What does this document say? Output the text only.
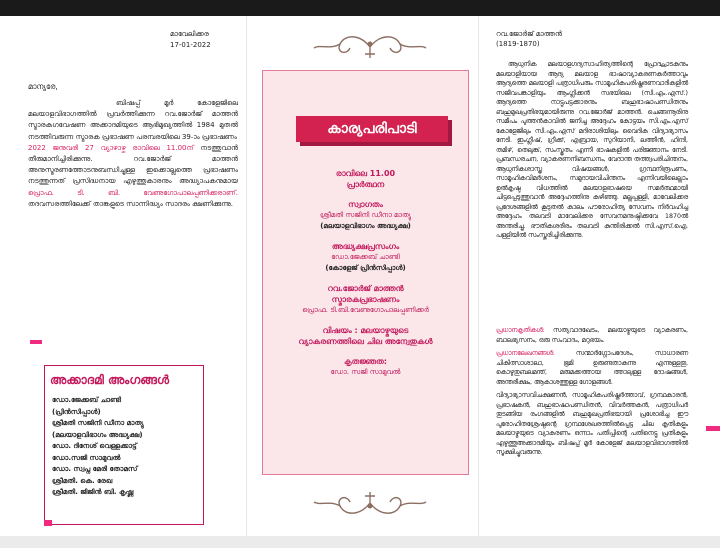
മാവേലിക്കര
17-01-2022
മാന്യരേ,
ബിഷപ്പ് മൂർ കോളേജിലെ മലയാളവിഭാഗത്തിൽ പ്രവർത്തിക്കുന്ന റവ.ജോർജ് മാത്തൻ സ്മാരകഗവേഷണ അക്കാദമിയുടെ ആഭിമുഖ്യത്തിൽ 1984 മുതൽ നടത്തിവരുന്ന സ്മാരക പ്രഭാഷണ പരമ്പരയിലെ 39-ാം പ്രഭാഷണം
2022 ജനുവരി 27 വ്യാഴാഴ്ച രാവിലെ 11.00ന് നടത്തുവാൻ തീരുമാനിച്ചിരിക്കുന്നു. റവ.ജോർജ് മാത്തൻ അനുസ്മരണത്തോടനുബന്ധിച്ചുള്ള ഇക്കൊല്ലത്തെ പ്രഭാഷണം നടത്തുന്നത് പ്രസിദ്ധനായ എഴുത്തുകാരനും അദ്ധ്യാപകനുമായ പ്രൊഫ. ടി. ബി. വേണുഗോപാലപ്പണിക്കരാണ്. തദവസരത്തിലേക്ക് താങ്കളുടെ സാന്നിദ്ധ്യം സാദരം ക്ഷണിക്കുന്നു.
അക്കാദമി അംഗങ്ങൾ
ഡോ.ജേക്കബ് ചാണ്ടി
(പ്രിൻസിപ്പാൾ)
ശ്രീമതി സജിനി ഡീനാ മാത്യു
(മലയാളവിഭാഗം അദ്ധ്യക്ഷ)
ഡോ. ദിനേശ് വെള്ളക്കാട്ട്
ഡോ.സജി സാമുവൽ
ഡോ. സ്വപ്ന മേരി തോമസ്
ശ്രീമതി. കെ. രേഖ
ശ്രീമതി. ജിജിൻ ബി. കൃഷ്ണ
കാര്യപരിപാടി
രാവിലെ 11.00
പ്രാർത്ഥന
സ്വാഗതം
ശ്രീമതി സജിനി ഡീനാ മാത്യു
(മലയാളവിഭാഗം അദ്ധ്യക്ഷ)
അദ്ധ്യക്ഷപ്രസംഗം
ഡോ.ജേക്കബ് ചാണ്ടി
(കോളേജ് പ്രിൻസിപ്പാൾ)
റവ.ജോർജ് മാത്തൻ
സ്മാരകപ്രഭാഷണം
പ്രൊഫ. ടി.ബി.വേണുഗോപാലപ്പണിക്കർ
വിഷയം : മലയാഴ്മയുടെ
വ്യാകരണത്തിലെ ചില അന്വേതുകൾ
കൃതജ്ഞത:
ഡോ. സജി സാമുവൽ
റവ.ജോർജ് മാത്തൻ
(1819-1870)

ആധുനിക മലയാളഗദ്യസാഹിത്യത്തിന്റെ പ്രോദ്ഘാടകനും മലയാളിയായ ആദ്യ മലയാള ഭാഷാവ്യാകരണകർത്താവും ആദ്യത്തെ മലയാളി പത്രാധിപരും സാമൂഹികപരിഷ്കരണവാദികളിൽ സജീവപങ്കാളിയും ആംഗ്ലിക്കൻ സഭയിലെ (സി.എം.എസ്.) ആദ്യത്തെ നാട്ടുപട്ടക്കാരനും ബഹുഭാഷാപണ്ഡിതനും ബഹുമുഖപ്രതിഭയുമായിരുന്നു റവ.ജോർജ് മാത്തൻ. ചെങ്ങന്നൂരിനു സമീപം പുത്തൻകാവിൽ ജനിച്ച അദ്ദേഹം കോട്ടയം സി.എം.എസ് കോളേജിലും സി.എം.എസ് മദിരാശിയിലും വൈദിക വിദ്യാഭ്യാസം നേടി. ഇംഗ്ലീഷ്, ഗ്രീക്ക്, എബ്രായ, സുറിയാനി, ലത്തീൻ, ഹിന്ദി, തമിഴ്, തെലുങ്ക്, സംസ്കൃതം എന്നീ ഭാഷകളിൽ പരിജ്ഞാനം നേടി. പ്രബന്ധരചന, വ്യാകരണനിബന്ധനം, വേദാന്ത തത്ത്വപരിചിന്തനം, ആധുനികശാസ്ത്ര വിഷയങ്ങൾ, ഗ്രന്ഥനിരൂപണം, സാമൂഹികവിമർശനം, സമുദായവിചിന്തനം എന്നിവയിലെല്ലാം ഉൽകൃഷ്ട വിധത്തിൽ മലയാളഭാഷയെ സമർത്ഥമായി ചിട്ടപ്പെടുത്തുവാൻ അദ്ദേഹത്തിനു കഴിഞ്ഞു. മല്ലപ്പള്ളി, മാവേലിക്കര പ്രദേശങ്ങളിൽ കൂടുതൽ കാലം പൗരോഹിത്യ സേവനം നിർവഹിച്ച അദ്ദേഹം തലവടി മാവേലിക്കര സേവനമനുഷ്ഠിക്കവേ 1870ൽ അന്തരിച്ചു. ഭൗതികശരീരം തലവടി കുന്തിരിക്കൽ സി.എസ്.ഐ. പള്ളിയിൽ സംസ്കരിച്ചിരിക്കുന്നു.

പ്രധാനകൃതികൾ: സത്യവാദഖേടം, മലയാഴ്മയുടെ വ്യാകരണം, ബാലഭ്യസനം, ഒരു സംവാദം, മറുഭയം.

പ്രധാനലേഖനങ്ങൾ:	സന്മാർഗ്ഗോപദേശം, സാധാരണ ചികിത്സാശാലാ, ഭൂമി ഉരുണ്ടതാകുന്നു എന്നുള്ളതു, കൊഴുതുബലമന്ത്, മരുമക്കത്തായ ത്താലുള്ള ദോഷങ്ങൾ, അന്തരീക്ഷം, ആകാശത്തുള്ള ഗോളങ്ങൾ.

വിദ്യാഭ്യാസവിചക്ഷണൻ, സാമൂഹികപരിഷ്കർത്താവ്, ഗ്രന്ഥകാരൻ, പ്രഭാഷകൻ, ബഹുഭാഷാപണ്ഡിതൻ, വിവർത്തകൻ, പത്രാധിപർ തുടങ്ങിയ രംഗങ്ങളിൽ ബഹുമുഖപ്രതിഭയായി പ്രശോഭിച്ച ഈ പുരോഹിതശ്രേഷ്ഠന്റെ ഗ്രന്ഥശേഖരത്തിൽപ്പെട്ട ചില കൃതികളും മലയാഴ്മയുടെ വ്യാകരണം ഒന്നാം പതിപ്പിന്റെ പതിനെട്ടു പ്രതികളും എഴുത്തുഅക്കാദമിയും ബിഷപ്പ് മൂർ കോളേജ് മലയാളവിഭാഗത്തിൽ സൂക്ഷിച്ചുവരുന്നു.
